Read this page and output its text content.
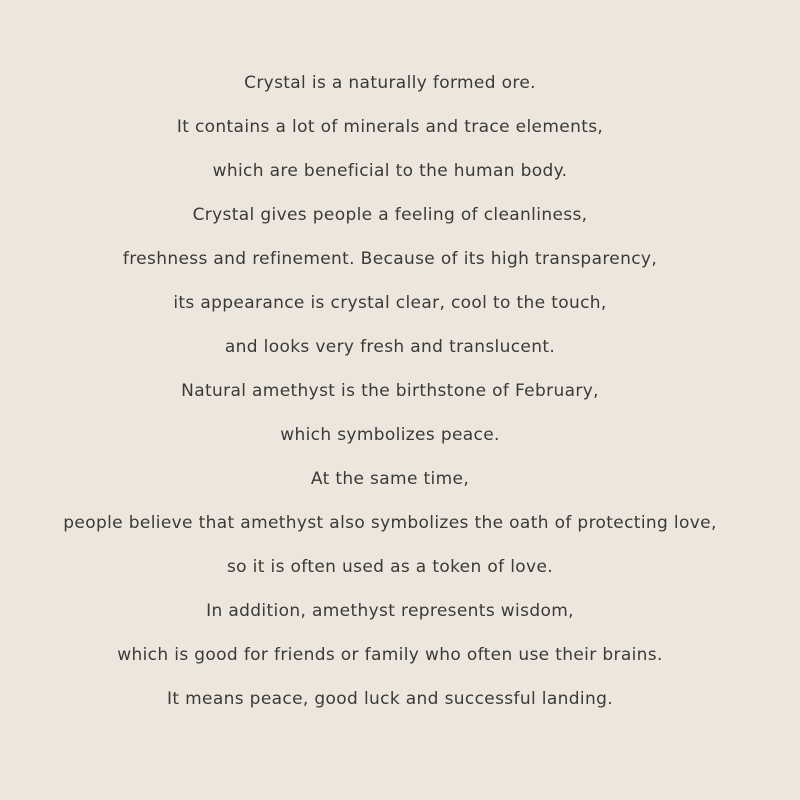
Crystal is a naturally formed ore.
It contains a lot of minerals and trace elements,
which are beneficial to the human body.
Crystal gives people a feeling of cleanliness,
freshness and refinement. Because of its high transparency,
its appearance is crystal clear, cool to the touch,
and looks very fresh and translucent.
Natural amethyst is the birthstone of February,
which symbolizes peace.
At the same time,
people believe that amethyst also symbolizes the oath of protecting love,
so it is often used as a token of love.
In addition, amethyst represents wisdom,
which is good for friends or family who often use their brains.
It means peace, good luck and successful landing.
